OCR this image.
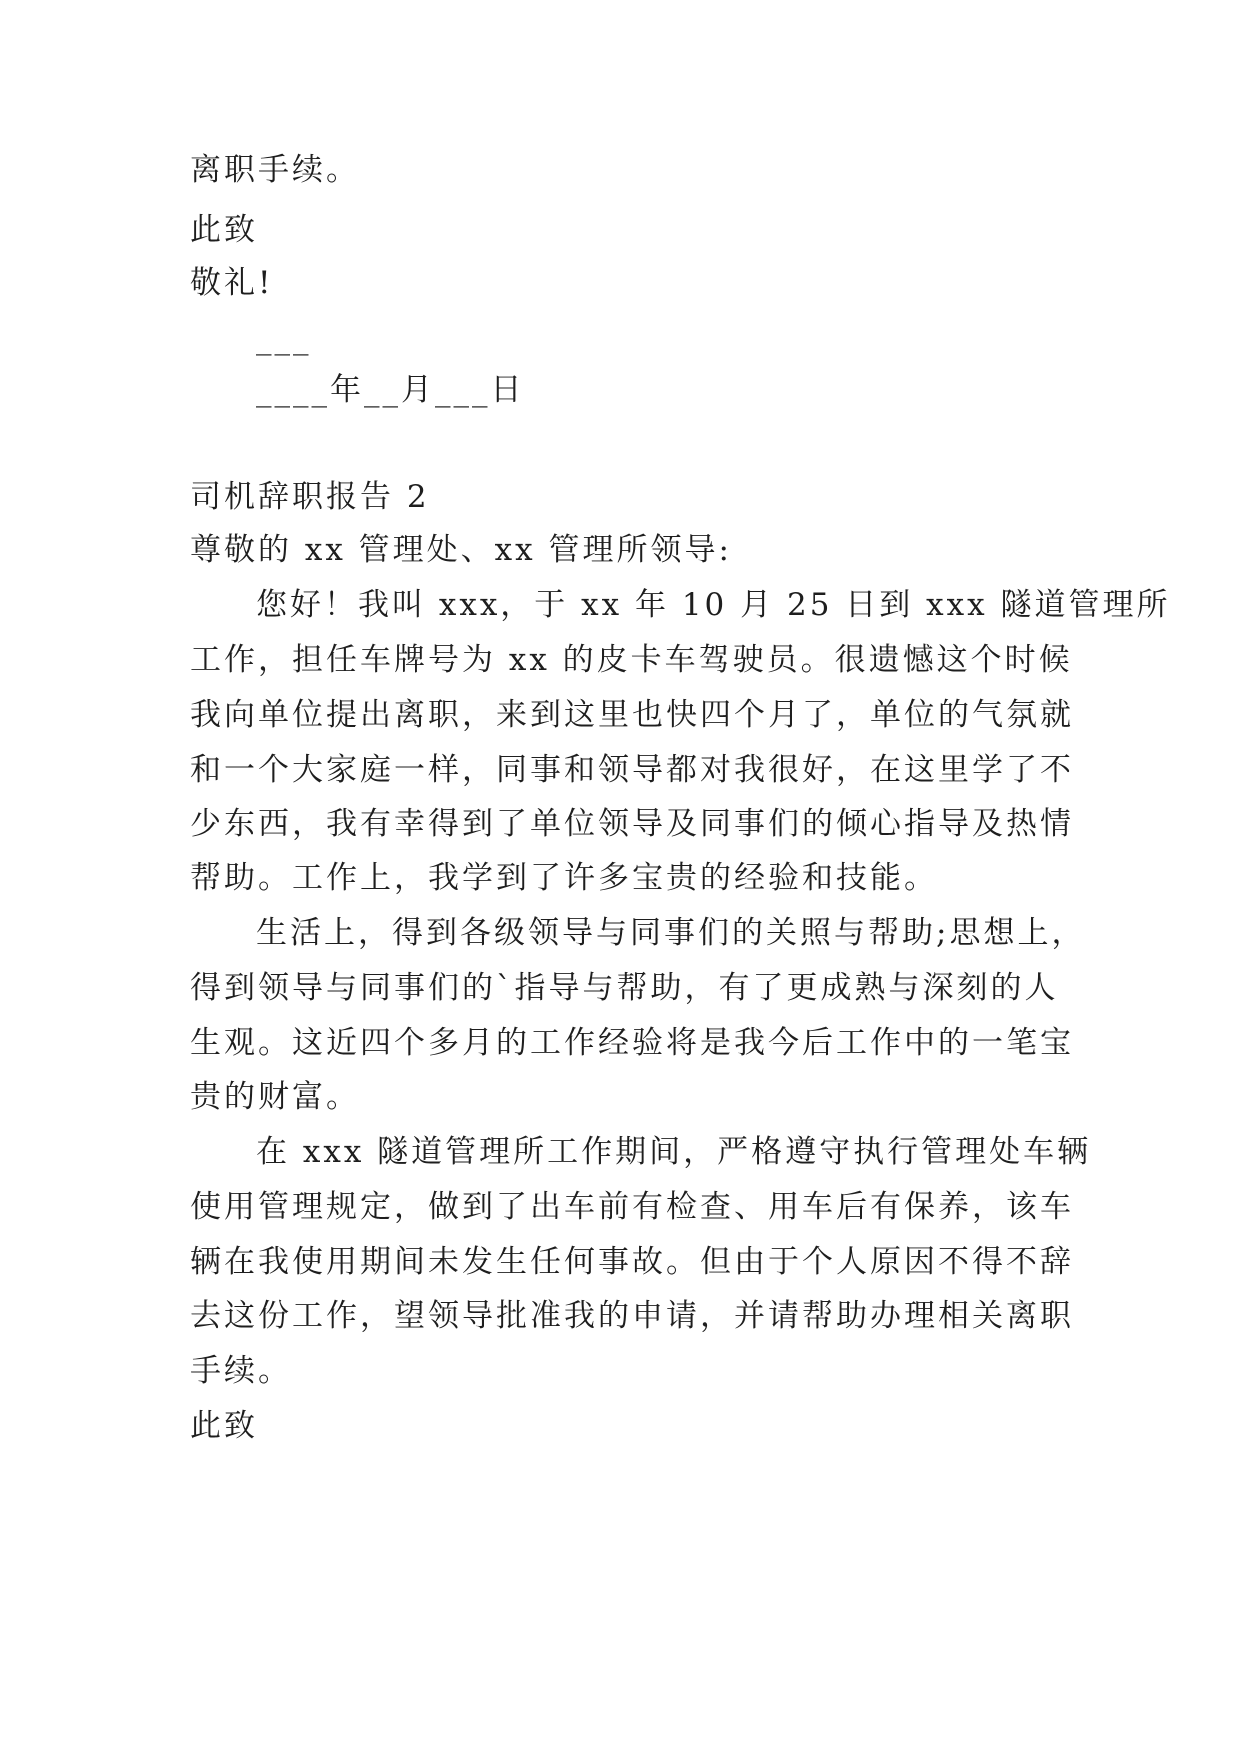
离职手续。

此致

敬礼!

___

____年__月___日

司机辞职报告 2

尊敬的 xx 管理处、xx 管理所领导:

您好！我叫 xxx，于 xx 年 10 月 25 日到 xxx 隧道管理所

工作，担任车牌号为 xx 的皮卡车驾驶员。很遗憾这个时候

我向单位提出离职，来到这里也快四个月了，单位的气氛就

和一个大家庭一样，同事和领导都对我很好，在这里学了不

少东西，我有幸得到了单位领导及同事们的倾心指导及热情

帮助。工作上，我学到了许多宝贵的经验和技能。

生活上，得到各级领导与同事们的关照与帮助;思想上，

得到领导与同事们的`指导与帮助，有了更成熟与深刻的人

生观。这近四个多月的工作经验将是我今后工作中的一笔宝

贵的财富。

在 xxx 隧道管理所工作期间，严格遵守执行管理处车辆

使用管理规定，做到了出车前有检查、用车后有保养，该车

辆在我使用期间未发生任何事故。但由于个人原因不得不辞

去这份工作，望领导批准我的申请，并请帮助办理相关离职

手续。

此致
